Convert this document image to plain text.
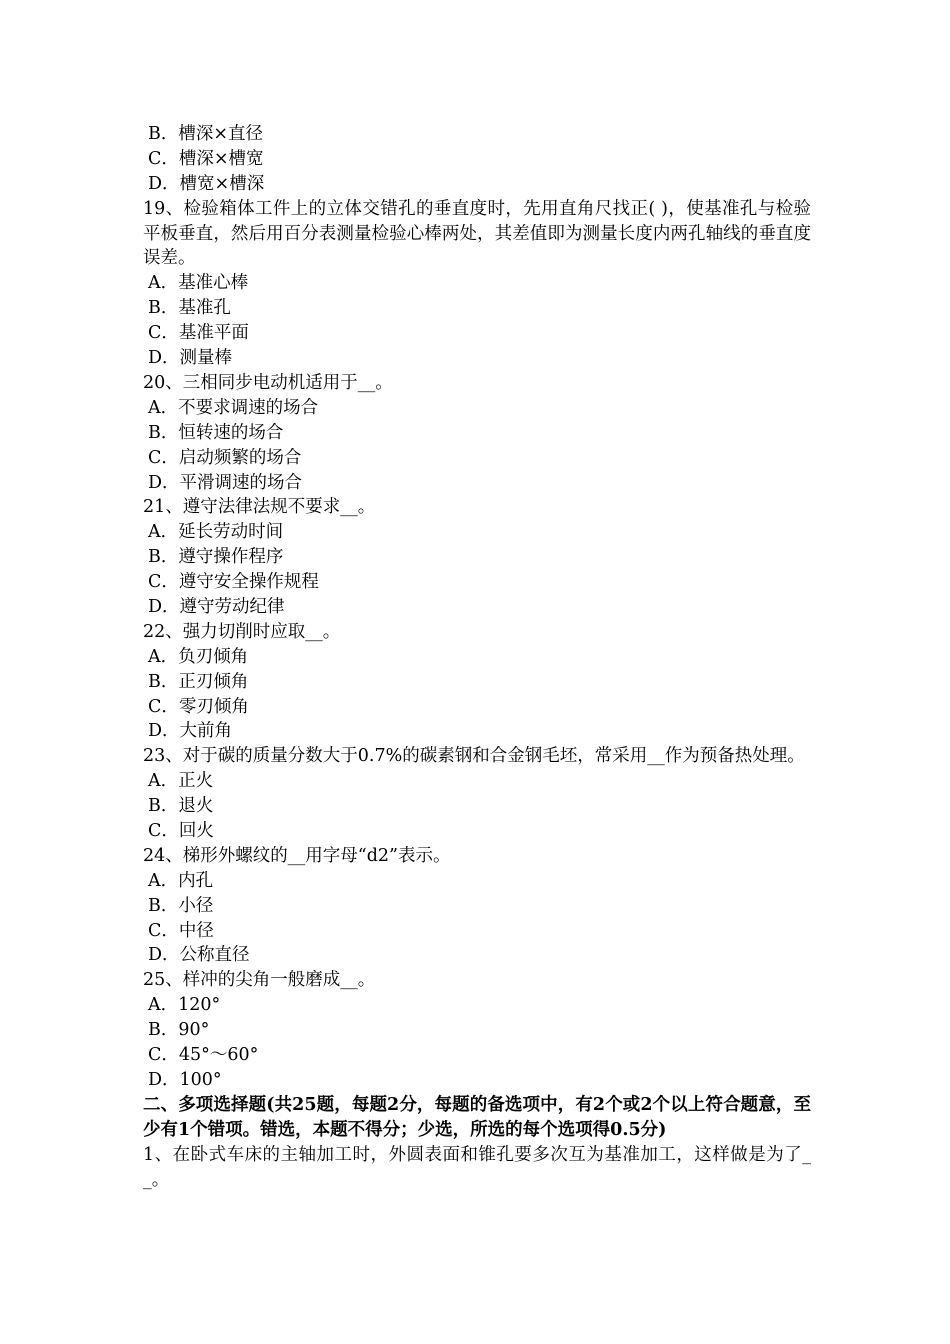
B．槽深×直径
C．槽深×槽宽
D．槽宽×槽深
19、检验箱体工件上的立体交错孔的垂直度时，先用直角尺找正( )，使基准孔与检验平板垂直，然后用百分表测量检验心棒两处，其差值即为测量长度内两孔轴线的垂直度误差。
A．基准心棒
B．基准孔
C．基准平面
D．测量棒
20、三相同步电动机适用于__。
A．不要求调速的场合
B．恒转速的场合
C．启动频繁的场合
D．平滑调速的场合
21、遵守法律法规不要求__。
A．延长劳动时间
B．遵守操作程序
C．遵守安全操作规程
D．遵守劳动纪律
22、强力切削时应取__。
A．负刃倾角
B．正刃倾角
C．零刃倾角
D．大前角
23、对于碳的质量分数大于0.7%的碳素钢和合金钢毛坯，常采用__作为预备热处理。
A．正火
B．退火
C．回火
24、梯形外螺纹的__用字母“d2”表示。
A．内孔
B．小径
C．中径
D．公称直径
25、样冲的尖角一般磨成__。
A．120°
B．90°
C．45°～60°
D．100°
二、多项选择题(共25题，每题2分，每题的备选项中，有2个或2个以上符合题意，至少有1个错项。错选，本题不得分；少选，所选的每个选项得0.5分)
1、在卧式车床的主轴加工时，外圆表面和锥孔要多次互为基准加工，这样做是为了__。
